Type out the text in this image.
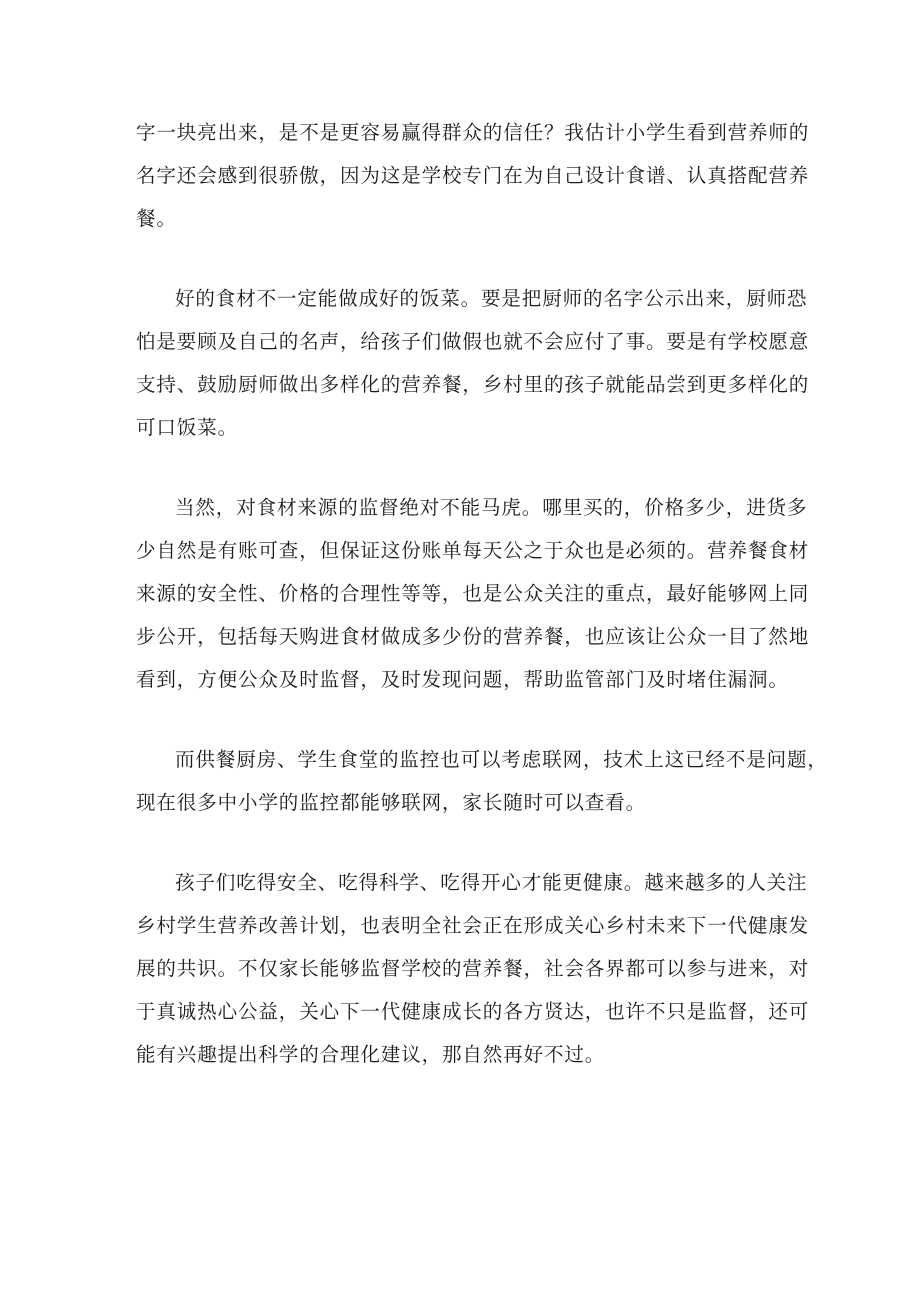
字一块亮出来，是不是更容易赢得群众的信任？我估计小学生看到营养师的
名字还会感到很骄傲，因为这是学校专门在为自己设计食谱、认真搭配营养
餐。

好的食材不一定能做成好的饭菜。要是把厨师的名字公示出来，厨师恐
怕是要顾及自己的名声，给孩子们做假也就不会应付了事。要是有学校愿意
支持、鼓励厨师做出多样化的营养餐，乡村里的孩子就能品尝到更多样化的
可口饭菜。

当然，对食材来源的监督绝对不能马虎。哪里买的，价格多少，进货多
少自然是有账可查，但保证这份账单每天公之于众也是必须的。营养餐食材
来源的安全性、价格的合理性等等，也是公众关注的重点，最好能够网上同
步公开，包括每天购进食材做成多少份的营养餐，也应该让公众一目了然地
看到，方便公众及时监督，及时发现问题，帮助监管部门及时堵住漏洞。

而供餐厨房、学生食堂的监控也可以考虑联网，技术上这已经不是问题，
现在很多中小学的监控都能够联网，家长随时可以查看。

孩子们吃得安全、吃得科学、吃得开心才能更健康。越来越多的人关注
乡村学生营养改善计划，也表明全社会正在形成关心乡村未来下一代健康发
展的共识。不仅家长能够监督学校的营养餐，社会各界都可以参与进来，对
于真诚热心公益，关心下一代健康成长的各方贤达，也许不只是监督，还可
能有兴趣提出科学的合理化建议，那自然再好不过。
